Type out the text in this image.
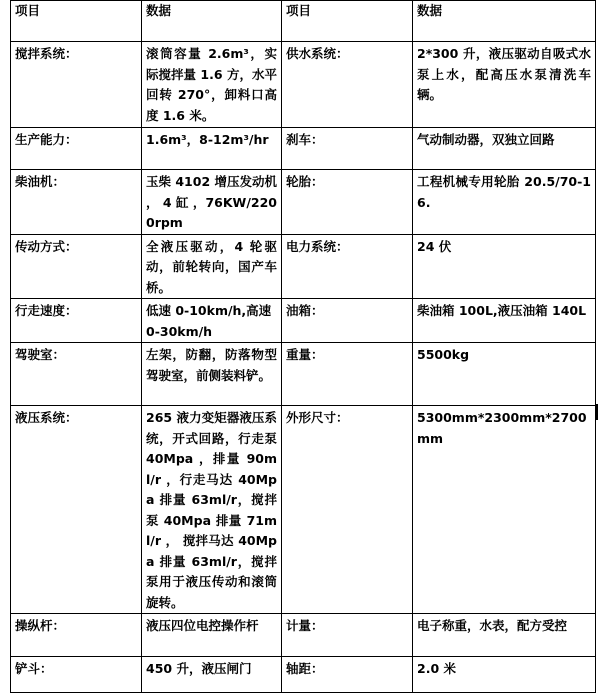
项目	数据	项目	数据
搅拌系统：	滚筒容量 2.6m³，实际搅拌量 1.6 方，水平回转 270°，卸料口高度 1.6 米。	供水系统：	2*300 升，液压驱动自吸式水泵上水，配高压水泵清洗车辆。
生产能力：	1.6m³，8-12m³/hr	刹车：	气动制动器，双独立回路
柴油机：	玉柴 4102 增压发动机 ， 4 缸 ，76KW/2200rpm	轮胎：	工程机械专用轮胎 20.5/70-16.
传动方式：	全液压驱动，4 轮驱动，前轮转向，国产车桥。	电力系统：	24 伏
行走速度：	低速 0-10km/h,高速 0-30km/h	油箱：	柴油箱 100L,液压油箱 140L
驾驶室：	左架，防翻，防落物型驾驶室，前侧装料铲。	重量：	5500kg
液压系统：	265 液力变矩器液压系统，开式回路，行走泵 40Mpa ，排量 90ml/r ，行走马达 40Mpa 排量 63ml/r，搅拌泵 40Mpa 排量 71ml/r ， 搅拌马达 40Mpa 排量 63ml/r，搅拌泵用于液压传动和滚筒旋转。	外形尺寸：	5300mm*2300mm*2700mm
操纵杆：	液压四位电控操作杆	计量：	电子称重，水表，配方受控
铲斗：	450 升，液压闸门	轴距：	2.0 米
